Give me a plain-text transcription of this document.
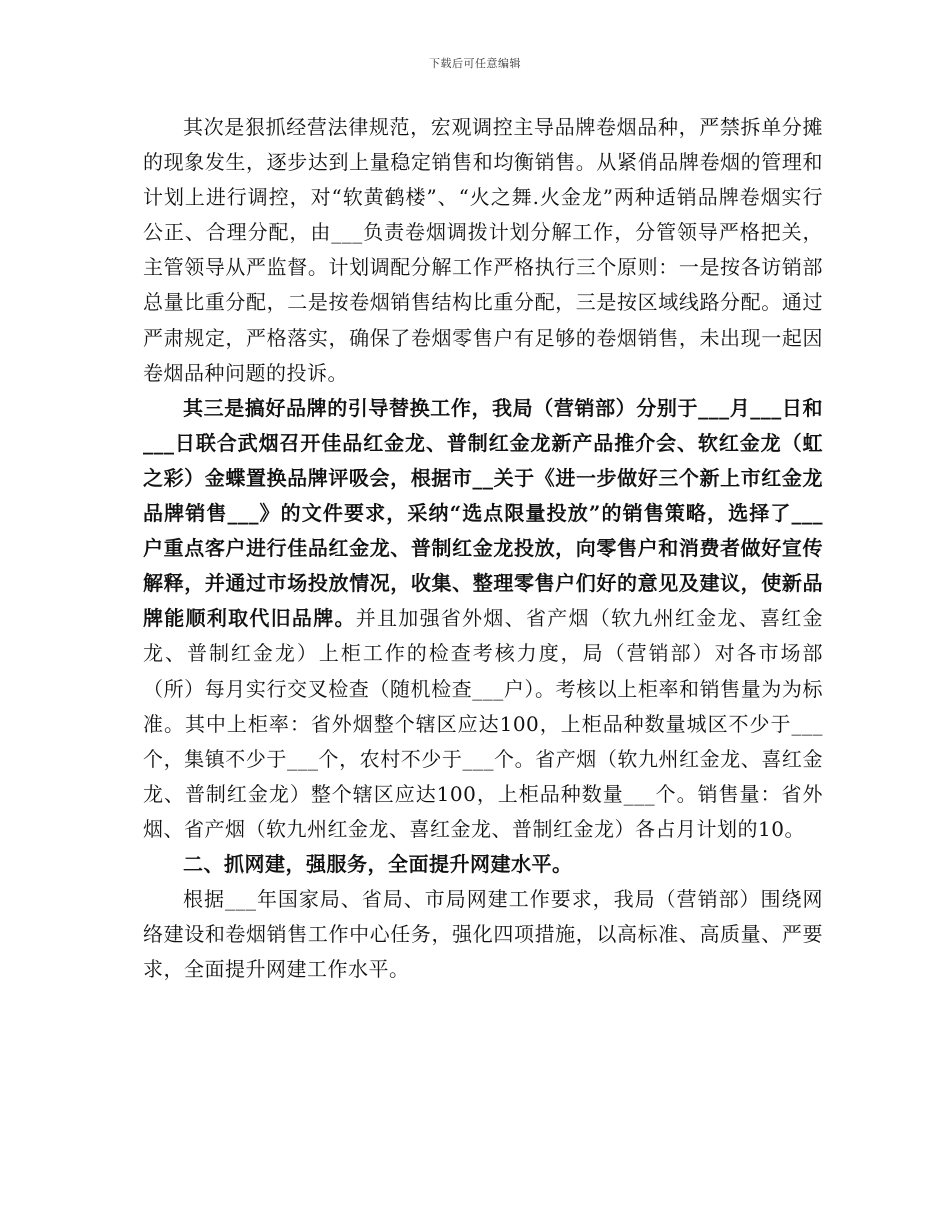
下载后可任意编辑

其次是狠抓经营法律规范，宏观调控主导品牌卷烟品种，严禁拆单分摊的现象发生，逐步达到上量稳定销售和均衡销售。从紧俏品牌卷烟的管理和计划上进行调控，对“软黄鹤楼”、“火之舞.火金龙”两种适销品牌卷烟实行公正、合理分配，由___负责卷烟调拨计划分解工作，分管领导严格把关，主管领导从严监督。计划调配分解工作严格执行三个原则：一是按各访销部总量比重分配，二是按卷烟销售结构比重分配，三是按区域线路分配。通过严肃规定，严格落实，确保了卷烟零售户有足够的卷烟销售，未出现一起因卷烟品种问题的投诉。

其三是搞好品牌的引导替换工作，我局（营销部）分别于___月___日和___日联合武烟召开佳品红金龙、普制红金龙新产品推介会、软红金龙（虹之彩）金蝶置换品牌评吸会，根据市__关于《进一步做好三个新上市红金龙品牌销售___》的文件要求，采纳“选点限量投放”的销售策略，选择了___户重点客户进行佳品红金龙、普制红金龙投放，向零售户和消费者做好宣传解释，并通过市场投放情况，收集、整理零售户们好的意见及建议，使新品牌能顺利取代旧品牌。并且加强省外烟、省产烟（软九州红金龙、喜红金龙、普制红金龙）上柜工作的检查考核力度，局（营销部）对各市场部（所）每月实行交叉检查（随机检查___户）。考核以上柜率和销售量为为标准。其中上柜率：省外烟整个辖区应达100，上柜品种数量城区不少于___个，集镇不少于___个，农村不少于___个。省产烟（软九州红金龙、喜红金龙、普制红金龙）整个辖区应达100，上柜品种数量___个。销售量：省外烟、省产烟（软九州红金龙、喜红金龙、普制红金龙）各占月计划的10。

二、抓网建，强服务，全面提升网建水平。

根据___年国家局、省局、市局网建工作要求，我局（营销部）围绕网络建设和卷烟销售工作中心任务，强化四项措施，以高标准、高质量、严要求，全面提升网建工作水平。
